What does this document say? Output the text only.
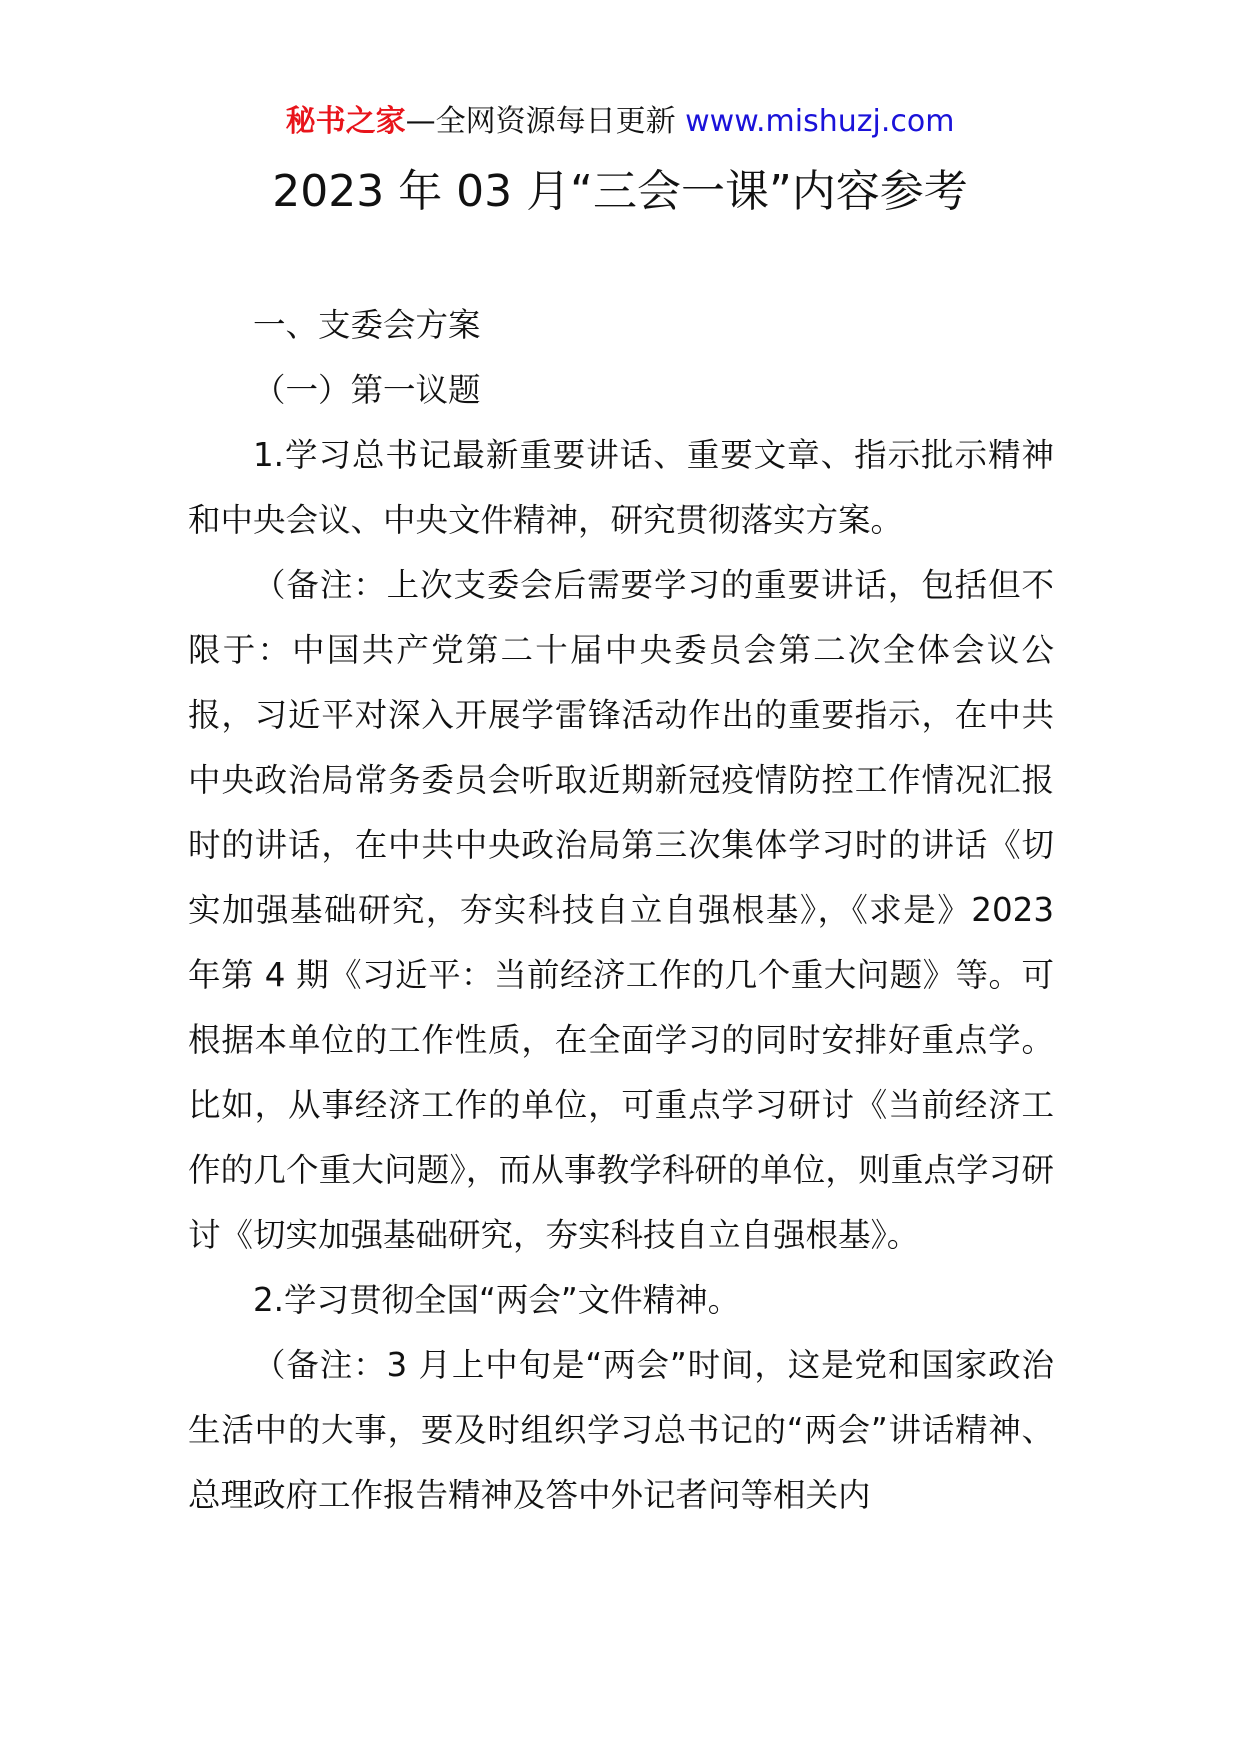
秘书之家—全网资源每日更新 www.mishuzj.com
2023 年 03 月“三会一课”内容参考

一、支委会方案

（一）第一议题

1.学习总书记最新重要讲话、重要文章、指示批示精神和中央会议、中央文件精神，研究贯彻落实方案。

（备注：上次支委会后需要学习的重要讲话，包括但不限于：中国共产党第二十届中央委员会第二次全体会议公报，习近平对深入开展学雷锋活动作出的重要指示，在中共中央政治局常务委员会听取近期新冠疫情防控工作情况汇报时的讲话，在中共中央政治局第三次集体学习时的讲话《切实加强基础研究，夯实科技自立自强根基》，《求是》2023 年第 4 期《习近平：当前经济工作的几个重大问题》等。可根据本单位的工作性质，在全面学习的同时安排好重点学。比如，从事经济工作的单位，可重点学习研讨《当前经济工作的几个重大问题》，而从事教学科研的单位，则重点学习研讨《切实加强基础研究，夯实科技自立自强根基》。

2.学习贯彻全国“两会”文件精神。

（备注：3 月上中旬是“两会”时间，这是党和国家政治生活中的大事，要及时组织学习总书记的“两会”讲话精神、总理政府工作报告精神及答中外记者问等相关内
